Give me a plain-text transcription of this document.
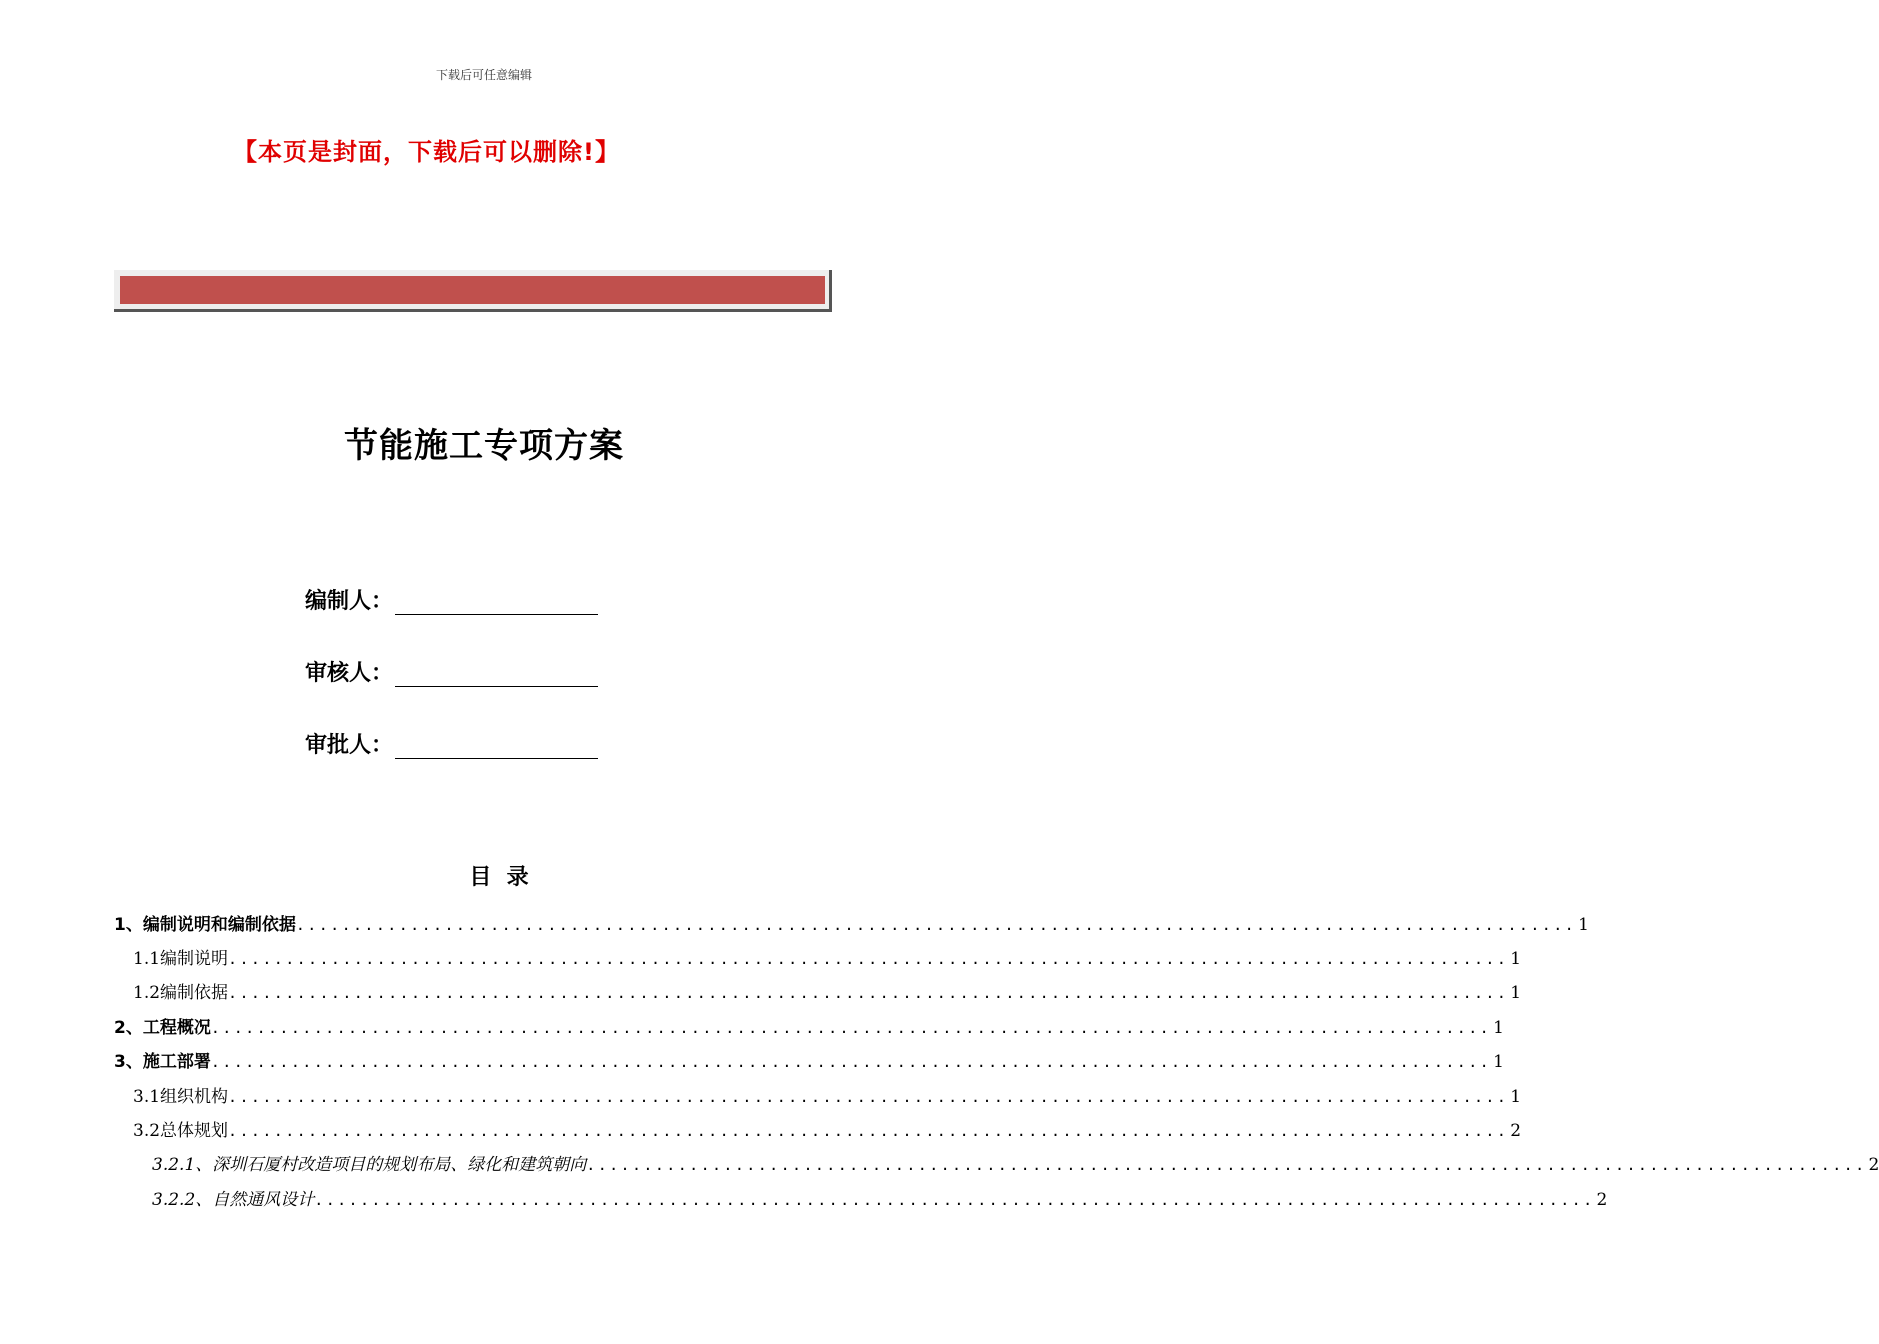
下载后可任意编辑
【本页是封面，下载后可以删除!】
节能施工专项方案
编制人：
审核人：
审批人：
目  录
1、编制说明和编制依据 ................................................................................................................ 1
1.1编制说明 ................................................................................................................ 1
1.2编制依据 ................................................................................................................ 1
2、工程概况 ................................................................................................................ 1
3、施工部署 ................................................................................................................ 1
3.1组织机构 ................................................................................................................ 1
3.2总体规划 ................................................................................................................ 2
3.2.1、深圳石厦村改造项目的规划布局、绿化和建筑朝向 ................................................................................................................ 2
3.2.2、自然通风设计 ................................................................................................................ 2
